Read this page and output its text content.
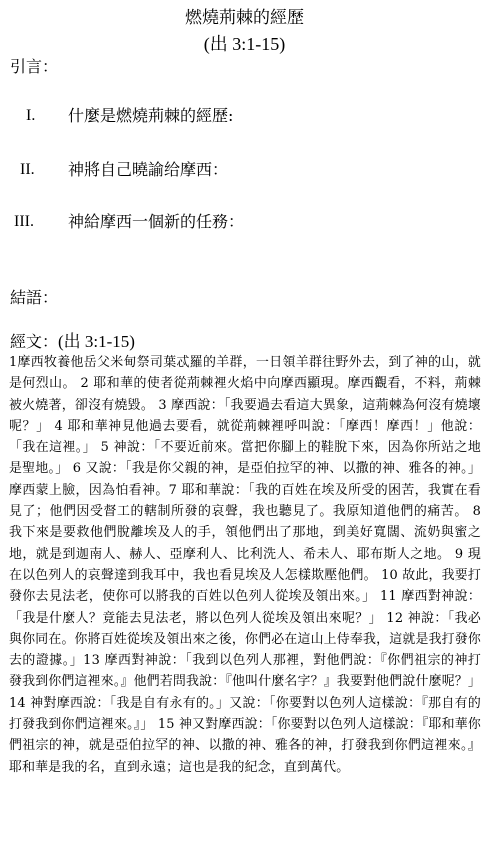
燃燒荊棘的經歷
(出 3:1-15)
引言：
I. 什麼是燃燒荊棘的經歷:
II. 神將自己曉諭给摩西：
III. 神給摩西一個新的任務：
結語：
經文：(出 3:1-15)
1摩西牧養他岳父米甸祭司葉忒羅的羊群，一日領羊群往野外去，到了神的山，就是何烈山。 2 耶和華的使者從荊棘裡火焰中向摩西顯現。摩西觀看，不料，荊棘被火燒著，卻沒有燒毀。 3 摩西說：「我要過去看這大異象，這荊棘為何沒有燒壞呢？」 4 耶和華神見他過去要看，就從荊棘裡呼叫說：「摩西！摩西！」他說：「我在這裡。」 5 神說：「不要近前來。當把你腳上的鞋脫下來，因為你所站之地是聖地。」 6 又說：「我是你父親的神，是亞伯拉罕的神、以撒的神、雅各的神。」摩西蒙上臉，因為怕看神。7 耶和華說：「我的百姓在埃及所受的困苦，我實在看見了；他們因受督工的轄制所發的哀聲，我也聽見了。我原知道他們的痛苦。 8 我下來是要救他們脫離埃及人的手，領他們出了那地，到美好寬闊、流奶與蜜之地，就是到迦南人、赫人、亞摩利人、比利洗人、希未人、耶布斯人之地。 9 現在以色列人的哀聲達到我耳中，我也看見埃及人怎樣欺壓他們。 10 故此，我要打發你去見法老，使你可以將我的百姓以色列人從埃及領出來。」 11 摩西對神說：「我是什麼人？竟能去見法老，將以色列人從埃及領出來呢？」 12 神說：「我必與你同在。你將百姓從埃及領出來之後，你們必在這山上侍奉我，這就是我打發你去的證據。」13 摩西對神說：「我到以色列人那裡，對他們說：『你們祖宗的神打發我到你們這裡來。』他們若問我說：『他叫什麼名字？』我要對他們說什麼呢？」 14 神對摩西說：「我是自有永有的。」又說：「你要對以色列人這樣說：『那自有的打發我到你們這裡來。』」 15 神又對摩西說：「你要對以色列人這樣說：『耶和華你們祖宗的神，就是亞伯拉罕的神、以撒的神、雅各的神，打發我到你們這裡來。』耶和華是我的名，直到永遠；這也是我的紀念，直到萬代。
